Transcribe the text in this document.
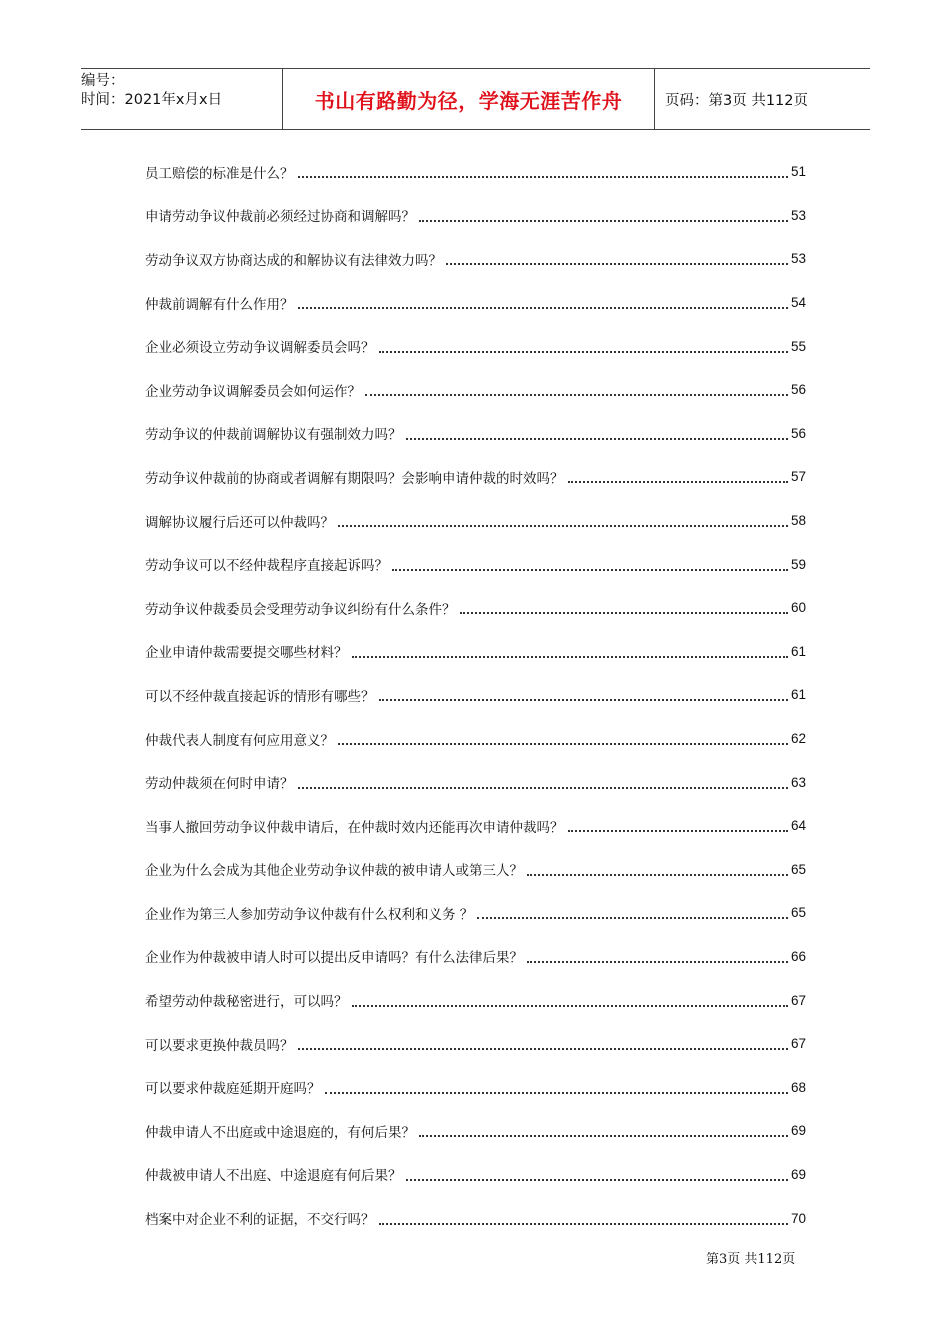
编号：
时间：2021年x月x日	书山有路勤为径，学海无涯苦作舟	页码：第3页 共112页
员工赔偿的标准是什么？	51
申请劳动争议仲裁前必须经过协商和调解吗？	53
劳动争议双方协商达成的和解协议有法律效力吗？	53
仲裁前调解有什么作用？	54
企业必须设立劳动争议调解委员会吗？	55
企业劳动争议调解委员会如何运作？	56
劳动争议的仲裁前调解协议有强制效力吗？	56
劳动争议仲裁前的协商或者调解有期限吗？会影响申请仲裁的时效吗？	57
调解协议履行后还可以仲裁吗？	58
劳动争议可以不经仲裁程序直接起诉吗？	59
劳动争议仲裁委员会受理劳动争议纠纷有什么条件？	60
企业申请仲裁需要提交哪些材料？	61
可以不经仲裁直接起诉的情形有哪些？	61
仲裁代表人制度有何应用意义？	62
劳动仲裁须在何时申请？	63
当事人撤回劳动争议仲裁申请后，在仲裁时效内还能再次申请仲裁吗？	64
企业为什么会成为其他企业劳动争议仲裁的被申请人或第三人？	65
企业作为第三人参加劳动争议仲裁有什么权利和义务 ？	65
企业作为仲裁被申请人时可以提出反申请吗？有什么法律后果？	66
希望劳动仲裁秘密进行，可以吗？	67
可以要求更换仲裁员吗？	67
可以要求仲裁庭延期开庭吗？	68
仲裁申请人不出庭或中途退庭的，有何后果？	69
仲裁被申请人不出庭、中途退庭有何后果？	69
档案中对企业不利的证据，不交行吗？	70
第3页 共112页
